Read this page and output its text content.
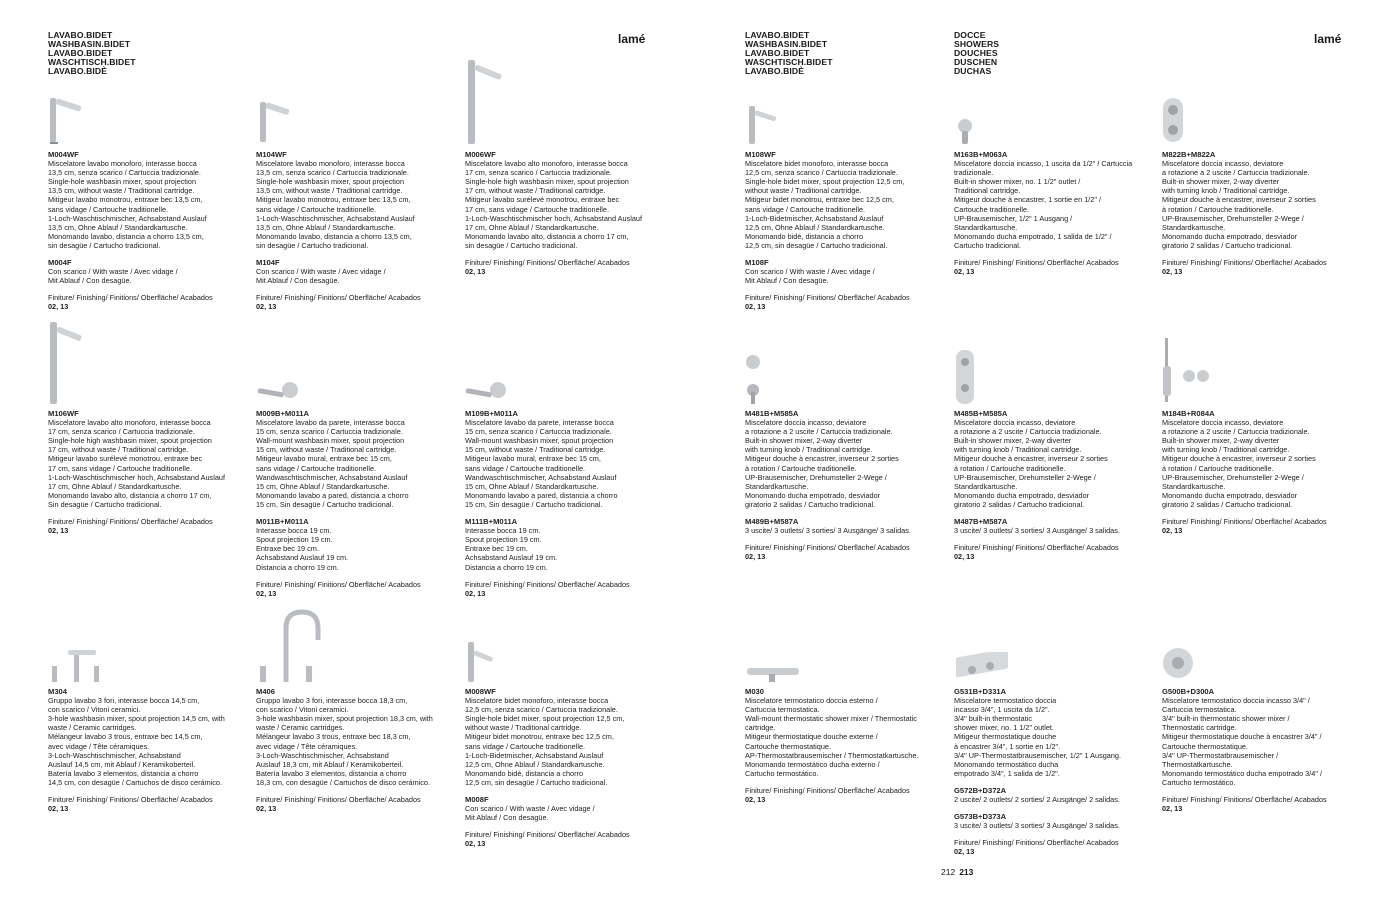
LAVABO.BIDET
WASHBASIN.BIDET
LAVABO.BIDET
WASCHTISCH.BIDET
LAVABO.BIDÈ
lamé	LAVABO.BIDET
WASHBASIN.BIDET
LAVABO.BIDET
WASCHTISCH.BIDET
LAVABO.BIDÈ
DOCCE
SHOWERS
DOUCHES
DUSCHEN
DUCHAS
lamé
M004WF
Miscelatore lavabo monoforo, interasse bocca
13,5 cm, senza scarico / Cartuccia tradizionale.
Single-hole washbasin mixer, spout projection
13,5 cm, without waste / Traditional cartridge.
Mitigeur lavabo monotrou, entraxe bec 13,5 cm,
sans vidage / Cartouche traditionelle.
1-Loch-Waschtischmischer, Achsabstand Auslauf
13,5 cm, Ohne Ablauf / Standardkartusche.
Monomando lavabo, distancia a chorro 13,5 cm,
sin desagüe / Cartucho tradicional.
M004F
Con scarico / With waste / Avec vidage /
Mit Ablauf / Con desagüe.
Finiture/ Finishing/ Finitions/ Oberfläche/ Acabados
02, 13
M104WF
Miscelatore lavabo monoforo, interasse bocca
13,5 cm, senza scarico / Cartuccia tradizionale.
Single-hole washbasin mixer, spout projection
13,5 cm, without waste / Traditional cartridge.
Mitigeur lavabo monotrou, entraxe bec 13,5 cm,
sans vidage / Cartouche traditionelle.
1-Loch-Waschtischmischer, Achsabstand Auslauf
13,5 cm, Ohne Ablauf / Standardkartusche.
Monomando lavabo, distancia a chorro 13,5 cm,
sin desagüe / Cartucho tradicional.
M104F
Con scarico / With waste / Avec vidage /
Mit Ablauf / Con desagüe.
Finiture/ Finishing/ Finitions/ Oberfläche/ Acabados
02, 13
M006WF
Miscelatore lavabo alto monoforo, interasse bocca
17 cm, senza scarico / Cartuccia tradizionale.
Single-hole high washbasin mixer, spout projection
17 cm, without waste / Traditional cartridge.
Mitigeur lavabo surélevé monotrou, entraxe bec
17 cm, sans vidage / Cartouche traditionelle.
1-Loch-Waschtischmischer hoch, Achsabstand Auslauf
17 cm, Ohne Ablauf / Standardkartusche.
Monomando lavabo alto, distancia a chorro 17 cm,
sin desagüe / Cartucho tradicional.
Finiture/ Finishing/ Finitions/ Oberfläche/ Acabados
02, 13
M106WF
Miscelatore lavabo alto monoforo, interasse bocca
17 cm, senza scarico / Cartuccia tradizionale.
Single-hole high washbasin mixer, spout projection
17 cm, without waste / Traditional cartridge.
Mitigeur lavabo surélevé monotrou, entraxe bec
17 cm, sans vidage / Cartouche traditionelle.
1-Loch-Waschtischmischer hoch, Achsabstand Auslauf
17 cm, Ohne Ablauf / Standardkartusche.
Monomando lavabo alto, distancia a chorro 17 cm,
Sin desagüe / Cartucho tradicional.
Finiture/ Finishing/ Finitions/ Oberfläche/ Acabados
02, 13
M009B+M011A
Miscelatore lavabo da parete, interasse bocca
15 cm, senza scarico / Cartuccia tradizionale.
Wall-mount washbasin mixer, spout projection
15 cm, without waste / Traditional cartridge.
Mitigeur lavabo mural, entraxe bec 15 cm,
sans vidage / Cartouche traditionelle.
Wandwaschtischmischer, Achsabstand Auslauf
15 cm, Ohne Ablauf / Standardkartusche.
Monomando lavabo a pared, distancia a chorro
15 cm, Sin desagüe / Cartucho tradicional.
M011B+M011A
Interasse bocca 19 cm.
Spout projection 19 cm.
Entraxe bec 19 cm.
Achsabstand Auslauf 19 cm.
Distancia a chorro 19 cm.
Finiture/ Finishing/ Finitions/ Oberfläche/ Acabados
02, 13
M109B+M011A
Miscelatore lavabo da parete, interasse bocca
15 cm, senza scarico / Cartuccia tradizionale.
Wall-mount washbasin mixer, spout projection
15 cm, without waste / Traditional cartridge.
Mitigeur lavabo mural, entraxe bec 15 cm,
sans vidage / Cartouche traditionelle.
Wandwaschtischmischer, Achsabstand Auslauf
15 cm, Ohne Ablauf / Standardkartusche.
Monomando lavabo a pared, distancia a chorro
15 cm, Sin desagüe / Cartucho tradicional.
M111B+M011A
Interasse bocca 19 cm.
Spout projection 19 cm.
Entraxe bec 19 cm.
Achsabstand Auslauf 19 cm.
Distancia a chorro 19 cm.
Finiture/ Finishing/ Finitions/ Oberfläche/ Acabados
02, 13
M304
Gruppo lavabo 3 fori, interasse bocca 14,5 cm,
con scarico / Vitoni ceramici.
3-hole washbasin mixer, spout projection 14,5 cm, with
waste / Ceramic cartridges.
Mélangeur lavabo 3 trous, entraxe bec 14,5 cm,
avec vidage / Tête céramiques.
3-Loch-Waschtischmischer, Achsabstand
Auslauf 14,5 cm, mit Ablauf / Keramikoberteil.
Batería lavabo 3 elementos, distancia a chorro
14,5 cm, con desagüe / Cartuchos de disco cerámico.
Finiture/ Finishing/ Finitions/ Oberfläche/ Acabados
02, 13
M406
Gruppo lavabo 3 fori, interasse bocca 18,3 cm,
con scarico / Vitoni ceramici.
3-hole washbasin mixer, spout projection 18,3 cm, with
waste / Ceramic cartridges.
Mélangeur lavabo 3 trous, entraxe bec 18,3 cm,
avec vidage / Tête céramiques.
3-Loch-Waschtischmischer, Achsabstand
Auslauf 18,3 cm, mit Ablauf / Keramikoberteil.
Batería lavabo 3 elementos, distancia a chorro
18,3 cm, con desagüe / Cartuchos de disco cerámico.
Finiture/ Finishing/ Finitions/ Oberfläche/ Acabados
02, 13
M008WF
Miscelatore bidet monoforo, interasse bocca
12,5 cm, senza scarico / Cartuccia tradizionale.
Single-hole bidet mixer, spout projection 12,5 cm,
without waste / Traditional cartridge.
Mitigeur bidet monotrou, entraxe bec 12,5 cm,
sans vidage / Cartouche traditionelle.
1-Loch-Bidetmischer, Achsabstand Auslauf
12,5 cm, Ohne Ablauf / Standardkartusche.
Monomando bidé, distancia a chorro
12,5 cm, sin desagüe / Cartucho tradicional.
M008F
Con scarico / With waste / Avec vidage /
Mit Ablauf / Con desagüe.
Finiture/ Finishing/ Finitions/ Oberfläche/ Acabados
02, 13
M108WF
Miscelatore bidet monoforo, interasse bocca
12,5 cm, senza scarico / Cartuccia tradizionale.
Single-hole bidet mixer, spout projection 12,5 cm,
without waste / Traditional cartridge.
Mitigeur bidet monotrou, entraxe bec 12,5 cm,
sans vidage / Cartouche traditionelle.
1-Loch-Bidetmischer, Achsabstand Auslauf
12,5 cm, Ohne Ablauf / Standardkartusche.
Monomando bidé, distancia a chorro
12,5 cm, sin desagüe / Cartucho tradicional.
M108F
Con scarico / With waste / Avec vidage /
Mit Ablauf / Con desagüe.
Finiture/ Finishing/ Finitions/ Oberfläche/ Acabados
02, 13
M163B+M063A
Miscelatore doccia incasso, 1 uscita da 1/2" / Cartuccia
tradizionale.
Built-in shower mixer, no. 1 1/2" outlet /
Traditional cartridge.
Mitigeur douche à encastrer, 1 sortie en 1/2" /
Cartouche traditionelle.
UP-Brausemischer, 1/2" 1 Ausgang /
Standardkartusche.
Monomando ducha empotrado, 1 salida de 1/2" /
Cartucho tradicional.
Finiture/ Finishing/ Finitions/ Oberfläche/ Acabados
02, 13
M822B+M822A
Miscelatore doccia incasso, deviatore
a rotazione a 2 uscite / Cartuccia tradizionale.
Built-in shower mixer, 2-way diverter
with turning knob / Traditional cartridge.
Mitigeur douche à encastrer, inverseur 2 sorties
à rotation / Cartouche traditionelle.
UP-Brausemischer, Drehumsteller 2-Wege /
Standardkartusche.
Monomando ducha empotrado, desviador
giratorio 2 salidas / Cartucho tradicional.
Finiture/ Finishing/ Finitions/ Oberfläche/ Acabados
02, 13
M481B+M585A
Miscelatore doccia incasso, deviatore
a rotazione a 2 uscite / Cartuccia tradizionale.
Built-in shower mixer, 2-way diverter
with turning knob / Traditional cartridge.
Mitigeur douche à encastrer, inverseur 2 sorties
à rotation / Cartouche traditionelle.
UP-Brausemischer, Drehumsteller 2-Wege /
Standardkartusche.
Monomando ducha empotrado, desviador
giratorio 2 salidas / Cartucho tradicional.
M489B+M587A
3 uscite/ 3 outlets/ 3 sorties/ 3 Ausgänge/ 3 salidas.
Finiture/ Finishing/ Finitions/ Oberfläche/ Acabados
02, 13
M485B+M585A
Miscelatore doccia incasso, deviatore
a rotazione a 2 uscite / Cartuccia tradizionale.
Built-in shower mixer, 2-way diverter
with turning knob / Traditional cartridge.
Mitigeur douche à encastrer, inverseur 2 sorties
à rotation / Cartouche traditionelle.
UP-Brausemischer, Drehumsteller 2-Wege /
Standardkartusche.
Monomando ducha empotrado, desviador
giratorio 2 salidas / Cartucho tradicional.
M487B+M587A
3 uscite/ 3 outlets/ 3 sorties/ 3 Ausgänge/ 3 salidas.
Finiture/ Finishing/ Finitions/ Oberfläche/ Acabados
02, 13
M184B+R084A
Miscelatore doccia incasso, deviatore
a rotazione a 2 uscite / Cartuccia tradizionale.
Built-in shower mixer, 2-way diverter
with turning knob / Traditional cartridge.
Mitigeur douche à encastrer, inverseur 2 sorties
à rotation / Cartouche traditionelle.
UP-Brausemischer, Drehumsteller 2-Wege /
Standardkartusche.
Monomando ducha empotrado, desviador
giratorio 2 salidas / Cartucho tradicional.
Finiture/ Finishing/ Finitions/ Oberfläche/ Acabados
02, 13
M030
Miscelatore termostatico doccia esterno /
Cartuccia termostatica.
Wall-mount thermostatic shower mixer / Thermostatic
cartridge.
Mitigeur thermostatique douche externe /
Cartouche thermostatique.
AP-Thermostatbrausemischer / Thermostatkartusche.
Monomando termostático ducha externo /
Cartucho termostático.
Finiture/ Finishing/ Finitions/ Oberfläche/ Acabados
02, 13
G531B+D331A
Miscelatore termostatico doccia
incasso 3/4", 1 uscita da 1/2".
3/4" built-in thermostatic
shower mixer, no. 1 1/2" outlet.
Mitigeur thermostatique douche
à encastrer 3/4", 1 sortie en 1/2".
3/4" UP-Thermostatbrausemischer, 1/2" 1 Ausgang.
Monomando termostático ducha
empotrado 3/4", 1 salida de 1/2".
G572B+D372A
2 uscite/ 2 outlets/ 2 sorties/ 2 Ausgänge/ 2 salidas.
G573B+D373A
3 uscite/ 3 outlets/ 3 sorties/ 3 Ausgänge/ 3 salidas.
Finiture/ Finishing/ Finitions/ Oberfläche/ Acabados
02, 13
G500B+D300A
Miscelatore termostatico doccia incasso 3/4" /
Cartuccia termostatica.
3/4" built-in thermostatic shower mixer /
Thermostatic cartridge.
Mitigeur thermostatique douche à encastrer 3/4" /
Cartouche thermostatique.
3/4" UP-Thermostatbrausemischer /
Thermostatkartusche.
Monomando termostático ducha empotrado 3/4" /
Cartucho termostático.
Finiture/ Finishing/ Finitions/ Oberfläche/ Acabados
02, 13
212 213
